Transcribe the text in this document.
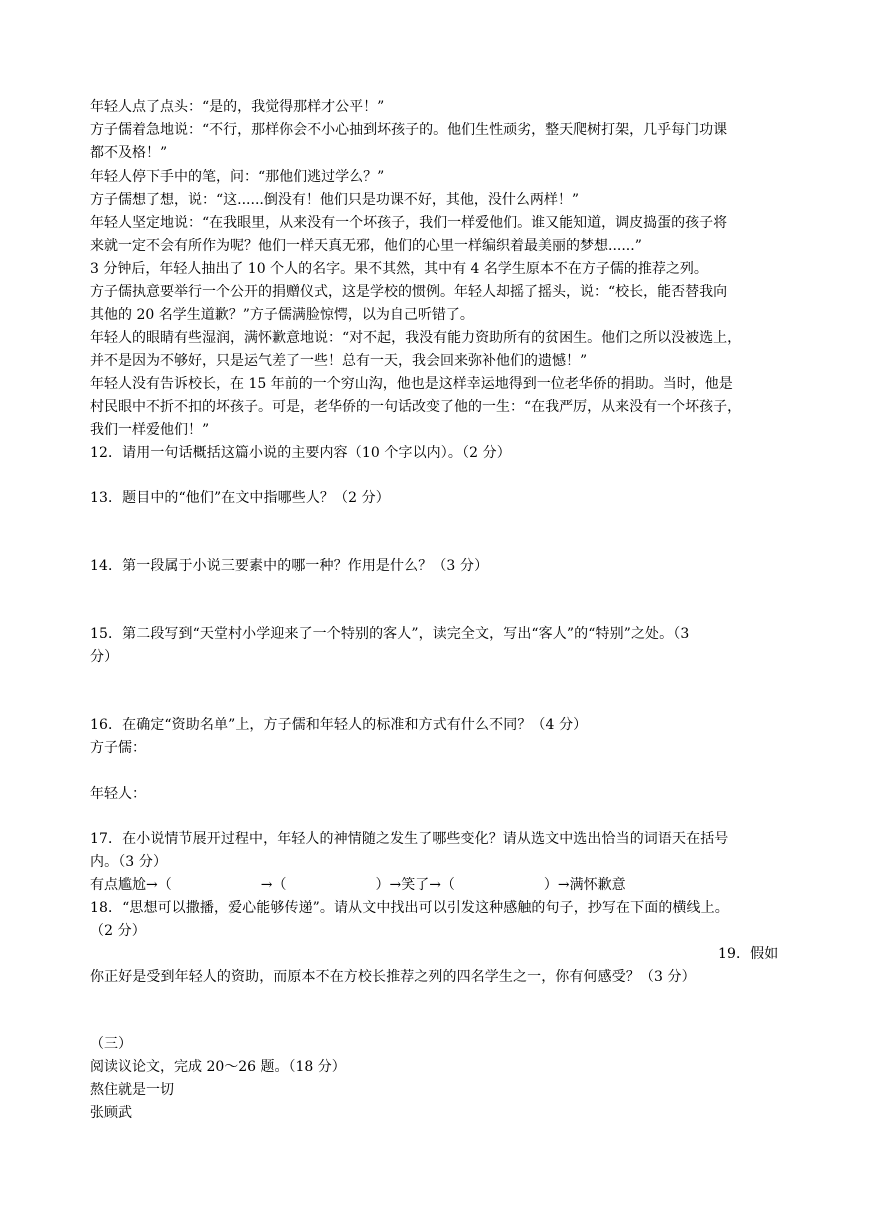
年轻人点了点头：“是的，我觉得那样才公平！”
方子儒着急地说：“不行，那样你会不小心抽到坏孩子的。他们生性顽劣，整天爬树打架，几乎每门功课
都不及格！”
年轻人停下手中的笔，问：“那他们逃过学么？”
方子儒想了想，说：“这......倒没有！他们只是功课不好，其他，没什么两样！”
年轻人坚定地说：“在我眼里，从来没有一个坏孩子，我们一样爱他们。谁又能知道，调皮捣蛋的孩子将
来就一定不会有所作为呢？他们一样天真无邪，他们的心里一样编织着最美丽的梦想......”
3 分钟后，年轻人抽出了 10 个人的名字。果不其然，其中有 4 名学生原本不在方子儒的推荐之列。
方子儒执意要举行一个公开的捐赠仪式，这是学校的惯例。年轻人却摇了摇头，说：“校长，能否替我向
其他的 20 名学生道歉？”方子儒满脸惊愕，以为自己听错了。
年轻人的眼睛有些湿润，满怀歉意地说：“对不起，我没有能力资助所有的贫困生。他们之所以没被选上，
并不是因为不够好，只是运气差了一些！总有一天，我会回来弥补他们的遗憾！”
年轻人没有告诉校长，在 15 年前的一个穷山沟，他也是这样幸运地得到一位老华侨的捐助。当时，他是
村民眼中不折不扣的坏孩子。可是，老华侨的一句话改变了他的一生：“在我严厉，从来没有一个坏孩子，
我们一样爱他们！”
12．请用一句话概括这篇小说的主要内容（10 个字以内）。（2 分）
13．题目中的“他们”在文中指哪些人？（2 分）
14．第一段属于小说三要素中的哪一种？作用是什么？（3 分）
15．第二段写到“天堂村小学迎来了一个特别的客人”，读完全文，写出“客人”的“特别”之处。（3
分）
16．在确定“资助名单”上，方子儒和年轻人的标准和方式有什么不同？（4 分）
方子儒：
年轻人：
17．在小说情节展开过程中，年轻人的神情随之发生了哪些变化？请从选文中选出恰当的词语天在括号
内。（3 分）
有点尴尬→（                    →（                    ）→笑了→（                    ）→满怀歉意
18．“思想可以撒播，爱心能够传递”。请从文中找出可以引发这种感触的句子，抄写在下面的横线上。
（2 分）
19．假如
你正好是受到年轻人的资助，而原本不在方校长推荐之列的四名学生之一，你有何感受？（3 分）
（三）
阅读议论文，完成 20～26 题。（18 分）
熬住就是一切
张顾武
